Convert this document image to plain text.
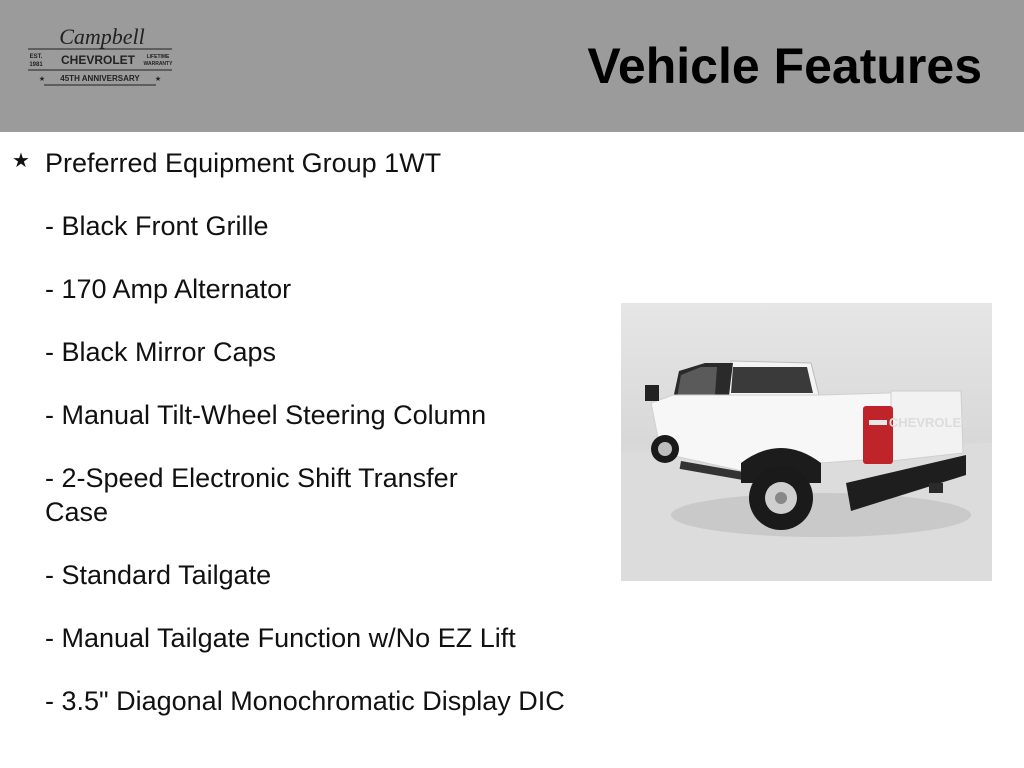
Campbell
EST.
1981 CHEVROLET LIFETIME
WARRANTY
45TH ANNIVERSARY
★	★	Vehicle Features
★ Preferred Equipment Group 1WT
- Black Front Grille
- 170 Amp Alternator
- Black Mirror Caps
- Manual Tilt-Wheel Steering Column
- 2-Speed Electronic Shift Transfer Case
- Standard Tailgate
- Manual Tailgate Function w/No EZ Lift
- 3.5" Diagonal Monochromatic Display DIC
CHEVROLET
